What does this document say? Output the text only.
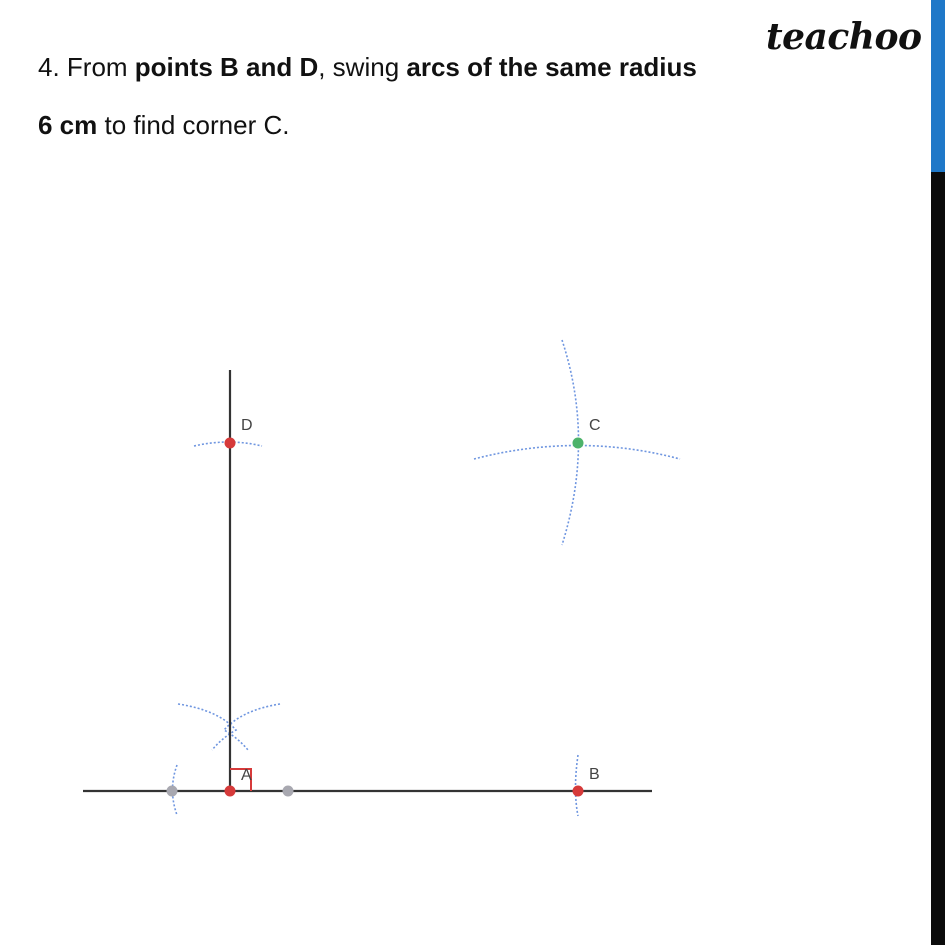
4. From points B and D, swing arcs of the same radius
6 cm to find corner C.

teachoo
A	B
C
D
